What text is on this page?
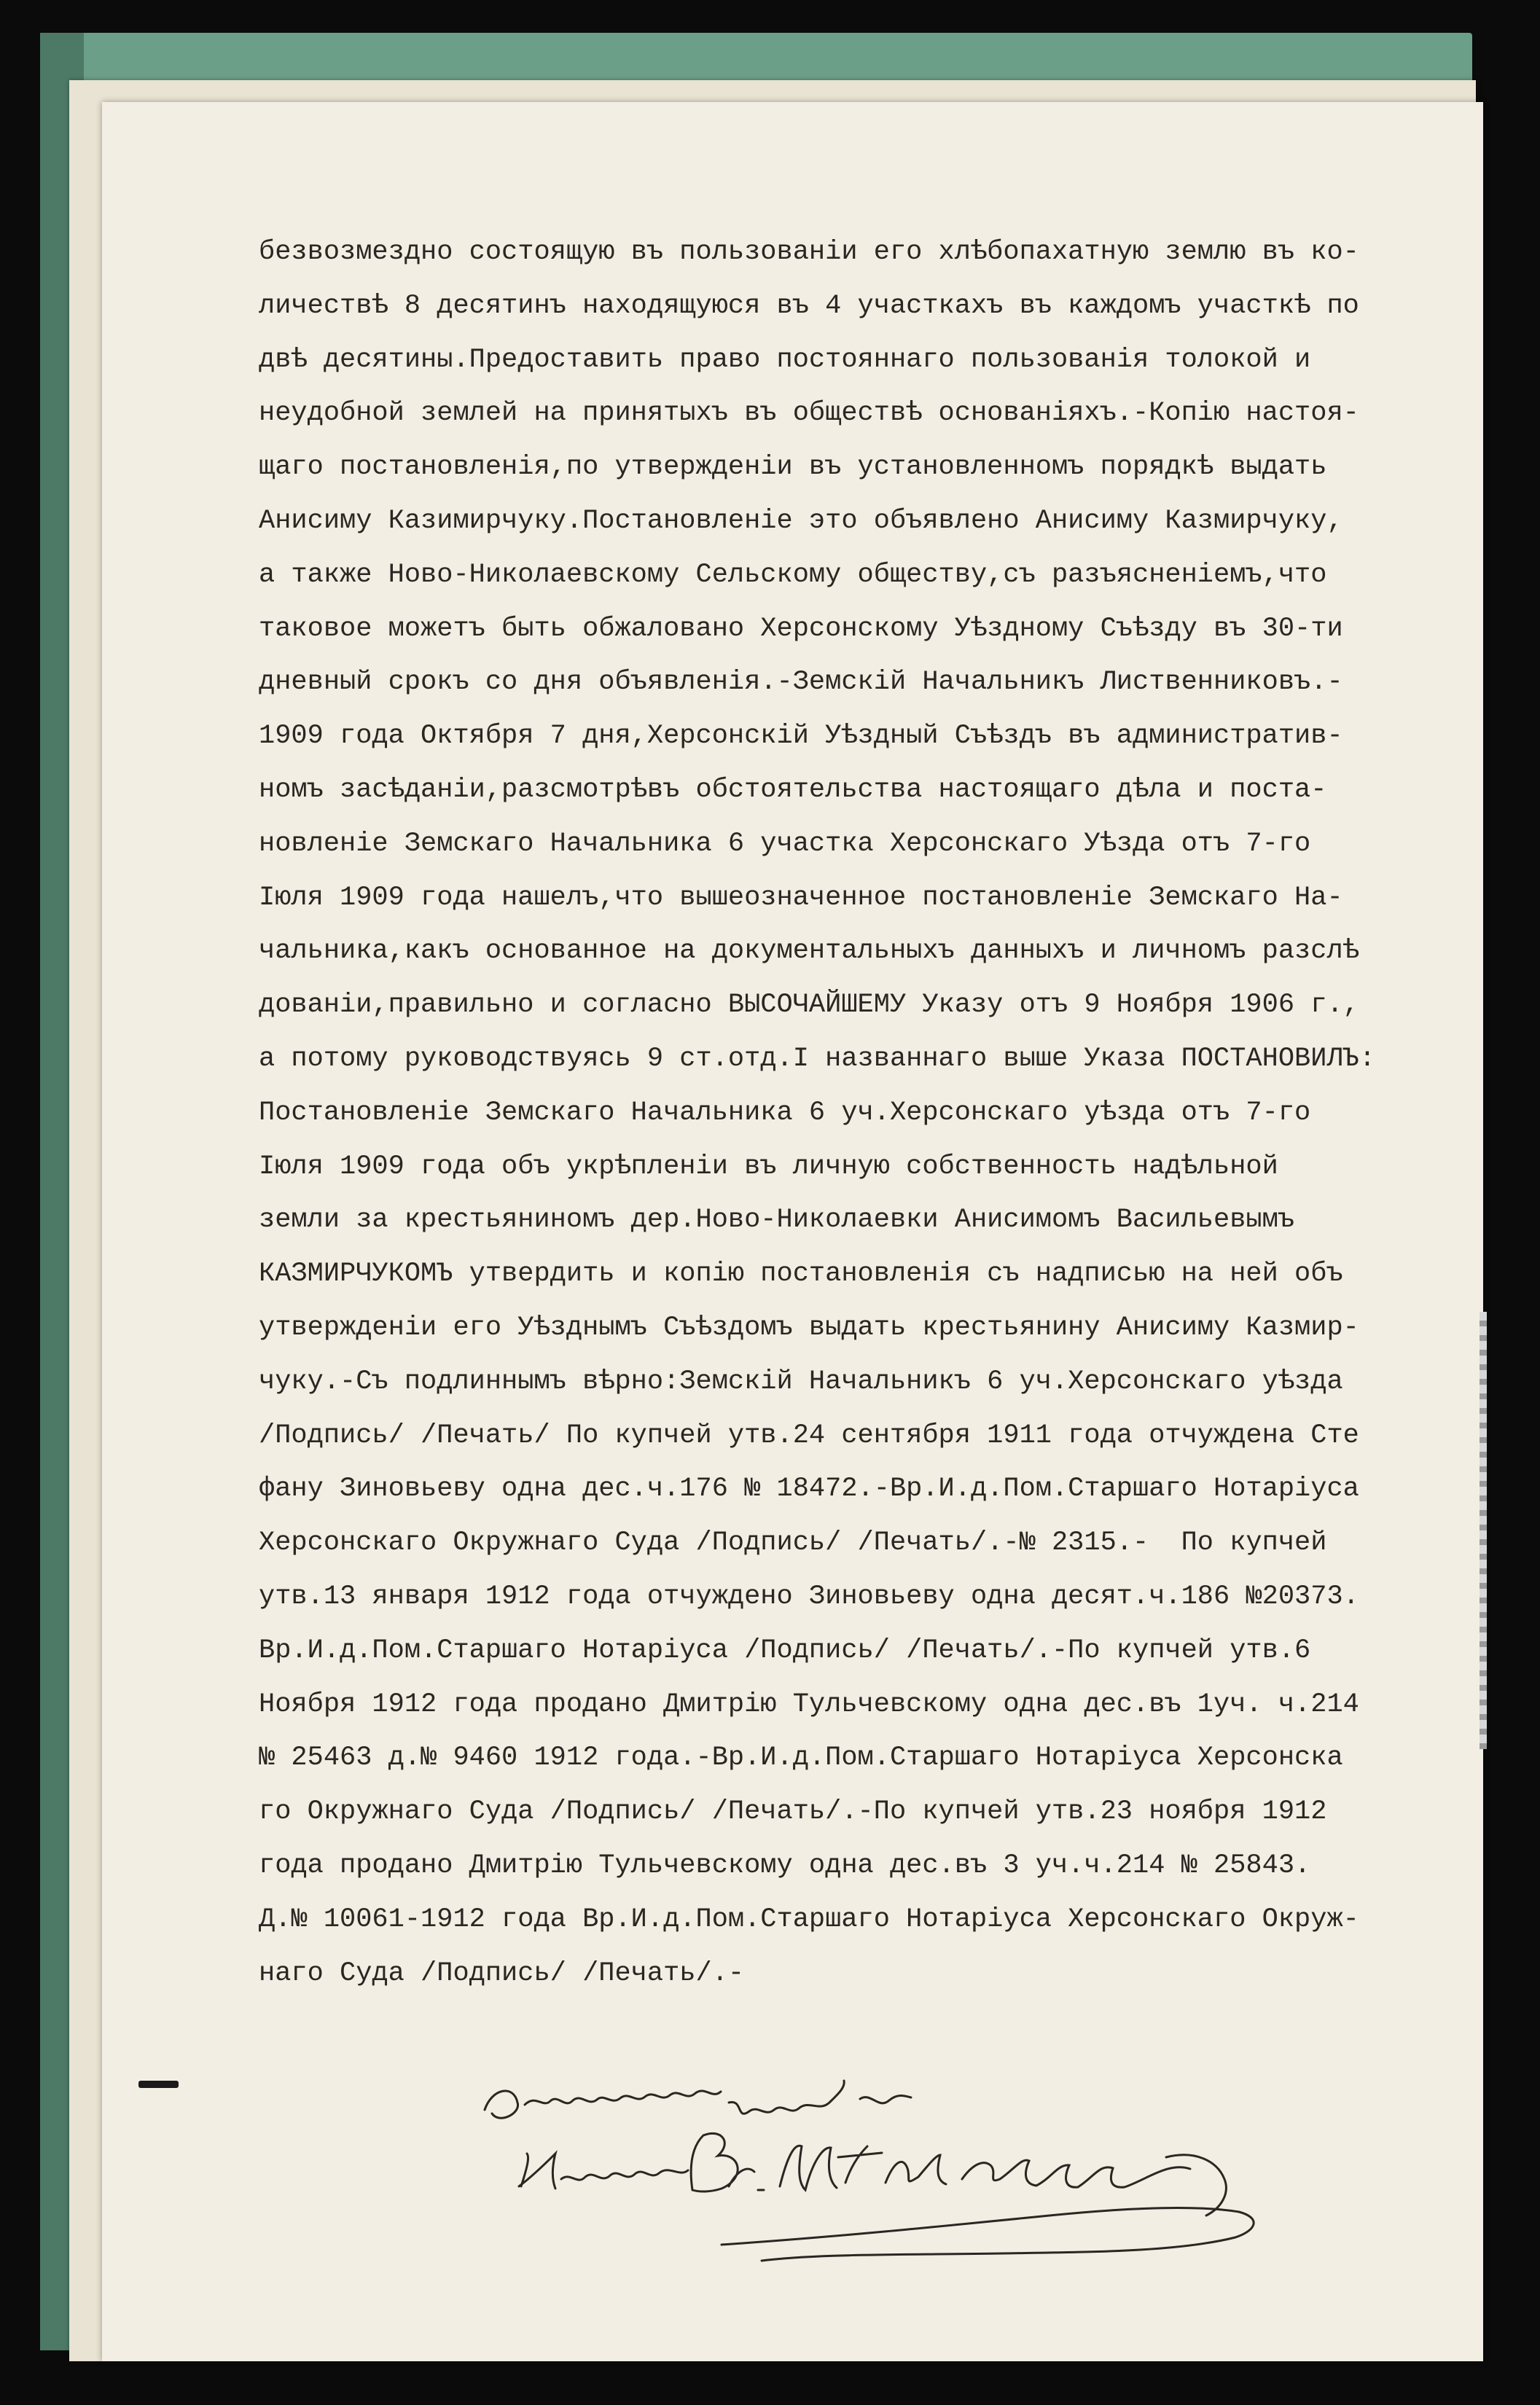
безвозмездно состоящую въ пользованіи его хлѣбопахатную землю въ ко-
личествѣ 8 десятинъ находящуюся въ 4 участкахъ въ каждомъ участкѣ по
двѣ десятины.Предоставить право постояннаго пользованія толокой и
неудобной землей на принятыхъ въ обществѣ основаніяхъ.-Копію настоя-
щаго постановленія,по утвержденіи въ установленномъ порядкѣ выдать
Анисиму Казимирчуку.Постановленіе это объявлено Анисиму Казмирчуку,
а также Ново-Николаевскому Сельскому обществу,съ разъясненіемъ,что
таковое можетъ быть обжаловано Херсонскому Уѣздному Съѣзду въ 30-ти
дневный срокъ со дня объявленія.-Земскій Начальникъ Лиственниковъ.-
1909 года Октября 7 дня,Херсонскій Уѣздный Съѣздъ въ административ-
номъ засѣданіи,разсмотрѣвъ обстоятельства настоящаго дѣла и поста-
новленіе Земскаго Начальника 6 участка Херсонскаго Уѣзда отъ 7-го
Іюля 1909 года нашелъ,что вышеозначенное постановленіе Земскаго На-
чальника,какъ основанное на документальныхъ данныхъ и личномъ разслѣ
дованіи,правильно и согласно ВЫСОЧАЙШЕМУ Указу отъ 9 Ноября 1906 г.,
а потому руководствуясь 9 ст.отд.I названнаго выше Указа ПОСТАНОВИЛЪ:
Постановленіе Земскаго Начальника 6 уч.Херсонскаго уѣзда отъ 7-го
Іюля 1909 года объ укрѣпленіи въ личную собственность надѣльной
земли за крестьяниномъ дер.Ново-Николаевки Анисимомъ Васильевымъ
КАЗМИРЧУКОМЪ утвердить и копію постановленія съ надписью на ней объ
утвержденіи его Уѣзднымъ Съѣздомъ выдать крестьянину Анисиму Казмир-
чуку.-Съ подлиннымъ вѣрно:Земскій Начальникъ 6 уч.Херсонскаго уѣзда
/Подпись/ /Печать/ По купчей утв.24 сентября 1911 года отчуждена Сте
фану Зиновьеву одна дес.ч.176 № 18472.-Вр.И.д.Пом.Старшаго Нотаріуса
Херсонскаго Окружнаго Суда /Подпись/ /Печать/.-№ 2315.-  По купчей
утв.13 января 1912 года отчуждено Зиновьеву одна десят.ч.186 №20373.
Вр.И.д.Пом.Старшаго Нотаріуса /Подпись/ /Печать/.-По купчей утв.6
Ноября 1912 года продано Дмитрію Тульчевскому одна дес.въ 1уч. ч.214
№ 25463 д.№ 9460 1912 года.-Вр.И.д.Пом.Старшаго Нотаріуса Херсонска
го Окружнаго Суда /Подпись/ /Печать/.-По купчей утв.23 ноября 1912
года продано Дмитрію Тульчевскому одна дес.въ 3 уч.ч.214 № 25843.
Д.№ 10061-1912 года Вр.И.д.Пом.Старшаго Нотаріуса Херсонскаго Окруж-
наго Суда /Подпись/ /Печать/.-
